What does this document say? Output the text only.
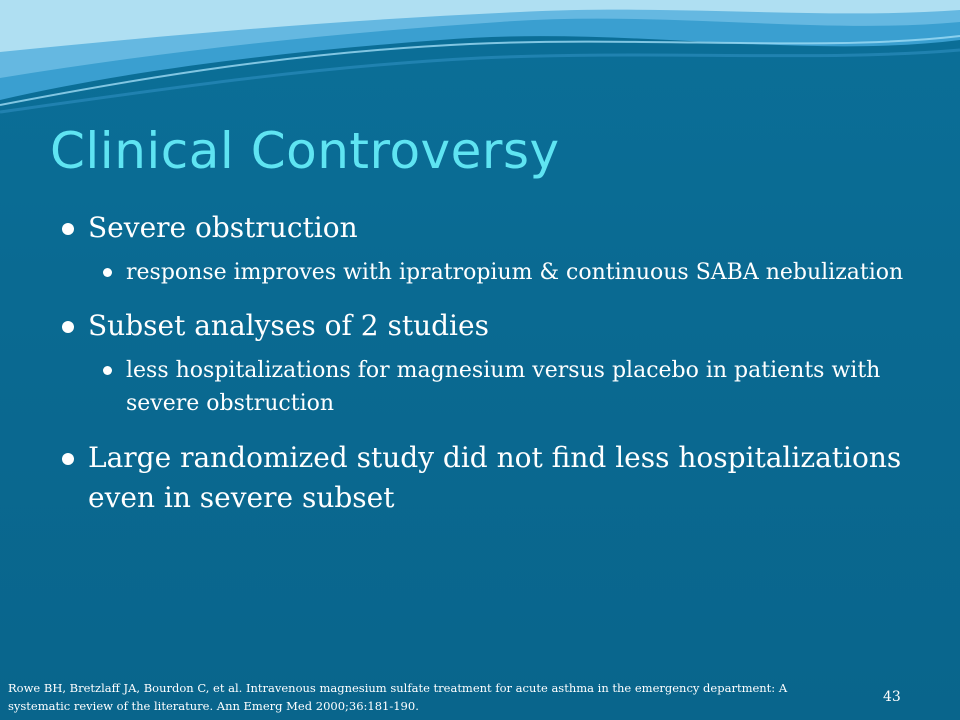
Clinical Controversy
Severe obstruction
response improves with ipratropium & continuous SABA nebulization
Subset analyses of 2 studies
less hospitalizations for magnesium versus placebo in patients with severe obstruction
Large randomized study did not find less hospitalizations even in severe subset

Rowe BH, Bretzlaff JA, Bourdon C, et al. Intravenous magnesium sulfate treatment for acute asthma in the emergency department: A systematic review of the literature. Ann Emerg Med 2000;36:181-190.

43
